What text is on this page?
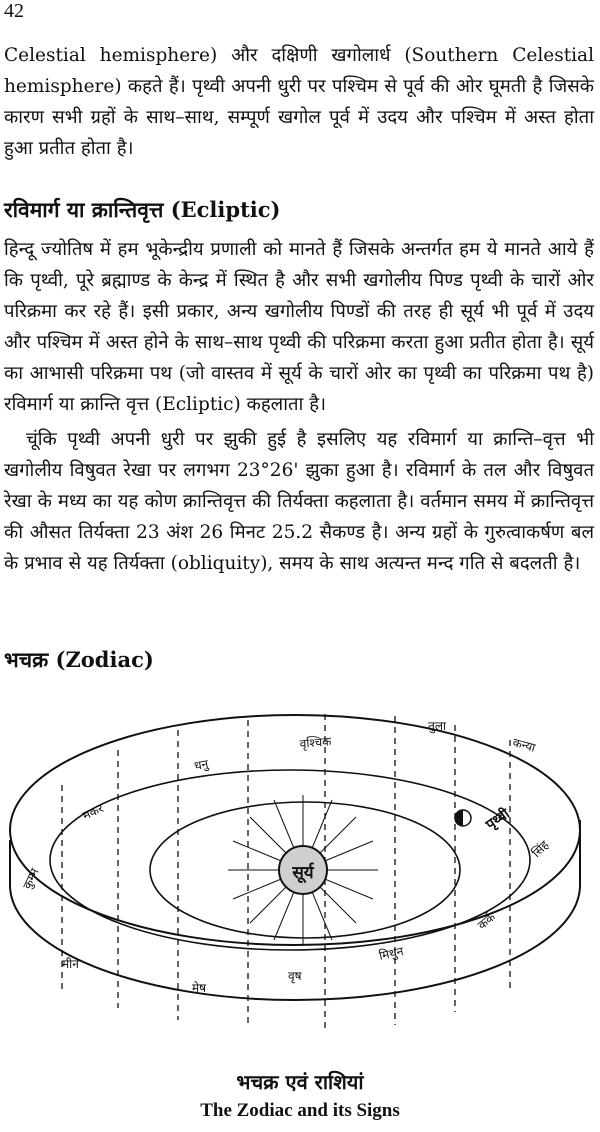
42

Celestial hemisphere) और दक्षिणी खगोलार्ध (Southern Celestial hemisphere) कहते हैं। पृथ्वी अपनी धुरी पर पश्चिम से पूर्व की ओर घूमती है जिसके कारण सभी ग्रहों के साथ–साथ, सम्पूर्ण खगोल पूर्व में उदय और पश्चिम में अस्त होता हुआ प्रतीत होता है।

रविमार्ग या क्रान्तिवृत्त (Ecliptic)

हिन्दू ज्योतिष में हम भूकेन्द्रीय प्रणाली को मानते हैं जिसके अन्तर्गत हम ये मानते आये हैं कि पृथ्वी, पूरे ब्रह्माण्ड के केन्द्र में स्थित है और सभी खगोलीय पिण्ड पृथ्वी के चारों ओर परिक्रमा कर रहे हैं। इसी प्रकार, अन्य खगोलीय पिण्डों की तरह ही सूर्य भी पूर्व में उदय और पश्चिम में अस्त होने के साथ–साथ पृथ्वी की परिक्रमा करता हुआ प्रतीत होता है। सूर्य का आभासी परिक्रमा पथ (जो वास्तव में सूर्य के चारों ओर का पृथ्वी का परिक्रमा पथ है) रविमार्ग या क्रान्ति वृत्त (Ecliptic) कहलाता है।

चूंकि पृथ्वी अपनी धुरी पर झुकी हुई है इसलिए यह रविमार्ग या क्रान्ति–वृत्त भी खगोलीय विषुवत रेखा पर लगभग 23°26' झुका हुआ है। रविमार्ग के तल और विषुवत रेखा के मध्य का यह कोण क्रान्तिवृत्त की तिर्यक्ता कहलाता है। वर्तमान समय में क्रान्तिवृत्त की औसत तिर्यक्ता 23 अंश 26 मिनट 25.2 सैकण्ड है। अन्य ग्रहों के गुरुत्वाकर्षण बल के प्रभाव से यह तिर्यक्ता (obliquity), समय के साथ अत्यन्त मन्द गति से बदलती है।

भचक्र (Zodiac)
सूर्य
पृथ्वी
कुम्भ
मकर
धनु
वृश्चिक
तुला
कन्या
सिंह
कर्क
मिथुन
वृष
मेष
मीन
भचक्र एवं राशियां
The Zodiac and its Signs
